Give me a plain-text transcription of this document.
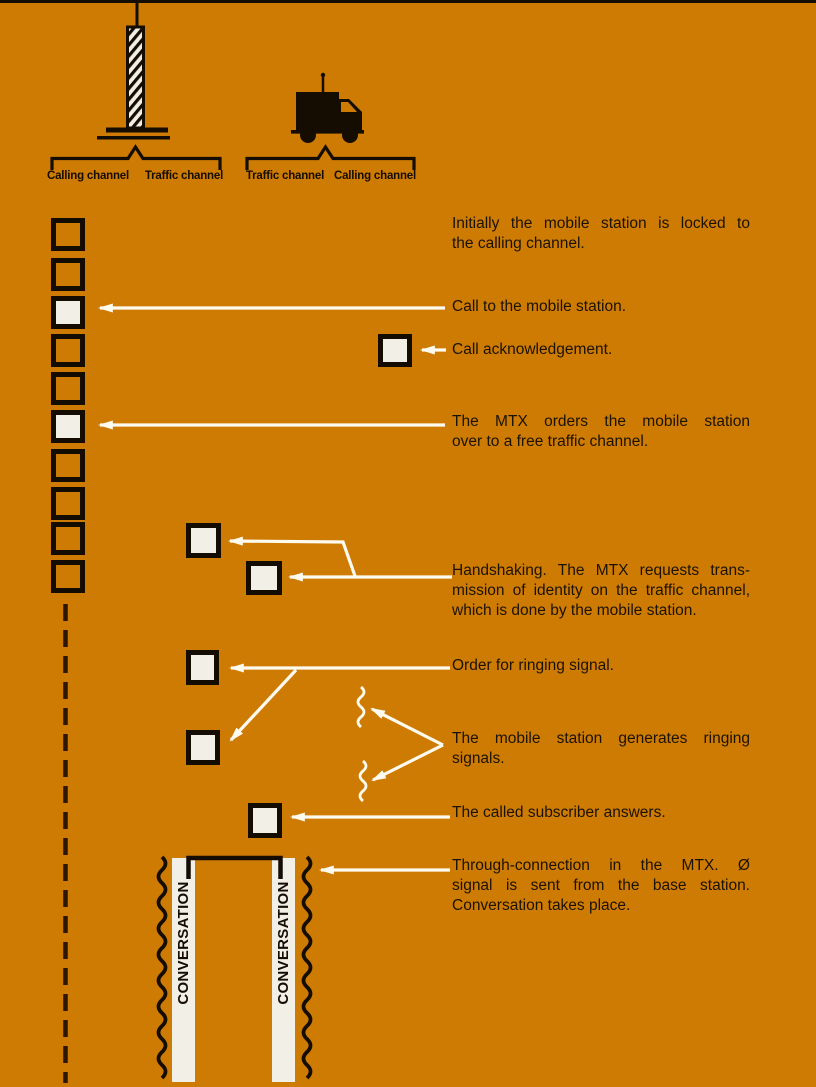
Calling channel Traffic channel Traffic channel Calling channel
Initially the mobile station is locked to
the calling channel.
Call to the mobile station.
Call acknowledgement.
The MTX orders the mobile station
over to a free traffic channel.
Handshaking. The MTX requests trans-
mission of identity on the traffic channel,
which is done by the mobile station.
Order for ringing signal.
The mobile station generates ringing
signals.
The called subscriber answers.
Through-connection in the MTX. Ø
signal is sent from the base station.
Conversation takes place.
CONVERSATION	CONVERSATION
